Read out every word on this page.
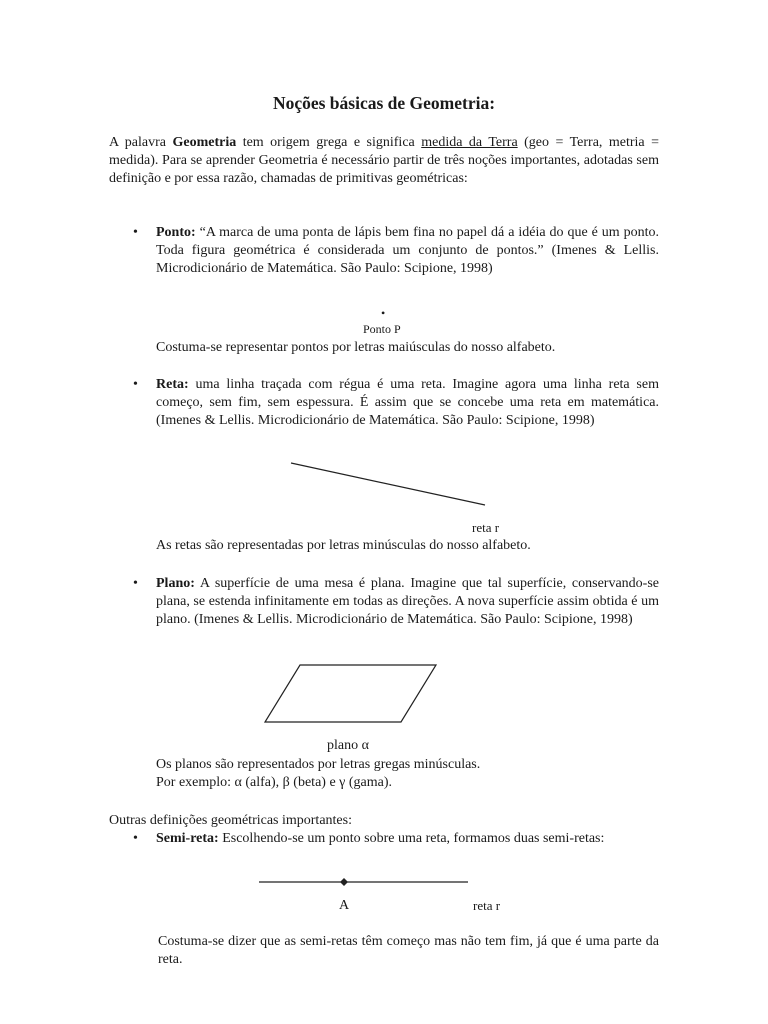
Noções básicas de Geometria:
A palavra Geometria tem origem grega e significa medida da Terra (geo = Terra, metria = medida). Para se aprender Geometria é necessário partir de três noções importantes, adotadas sem definição e por essa razão, chamadas de primitivas geométricas:
• Ponto: “A marca de uma ponta de lápis bem fina no papel dá a idéia do que é um ponto. Toda figura geométrica é considerada um conjunto de pontos.” (Imenes & Lellis. Microdicionário de Matemática. São Paulo: Scipione, 1998)
•
Ponto P
Costuma-se representar pontos por letras maiúsculas do nosso alfabeto.
• Reta: uma linha traçada com régua é uma reta. Imagine agora uma linha reta sem começo, sem fim, sem espessura. É assim que se concebe uma reta em matemática. (Imenes & Lellis. Microdicionário de Matemática. São Paulo: Scipione, 1998)
reta r
As retas são representadas por letras minúsculas do nosso alfabeto.
• Plano: A superfície de uma mesa é plana. Imagine que tal superfície, conservando-se plana, se estenda infinitamente em todas as direções. A nova superfície assim obtida é um plano. (Imenes & Lellis. Microdicionário de Matemática. São Paulo: Scipione, 1998)
plano α
Os planos são representados por letras gregas minúsculas.
Por exemplo: α (alfa), β (beta) e γ (gama).
Outras definições geométricas importantes:
• Semi-reta: Escolhendo-se um ponto sobre uma reta, formamos duas semi-retas:
A	reta r
Costuma-se dizer que as semi-retas têm começo mas não tem fim, já que é uma parte da reta.
